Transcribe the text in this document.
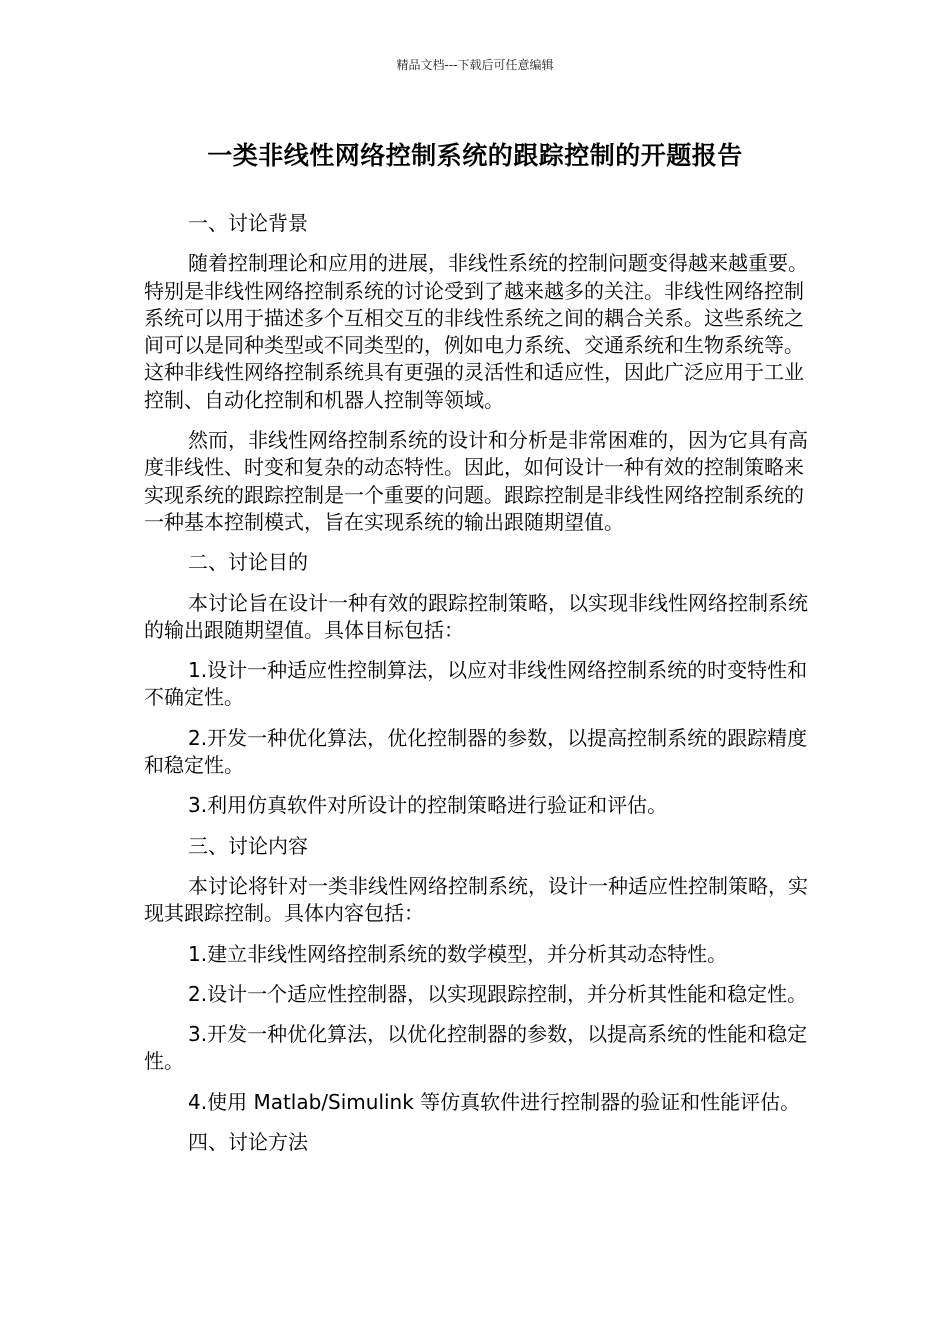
精品文档---下载后可任意编辑
一类非线性网络控制系统的跟踪控制的开题报告

一、讨论背景

随着控制理论和应用的进展，非线性系统的控制问题变得越来越重要。特别是非线性网络控制系统的讨论受到了越来越多的关注。非线性网络控制系统可以用于描述多个互相交互的非线性系统之间的耦合关系。这些系统之间可以是同种类型或不同类型的，例如电力系统、交通系统和生物系统等。这种非线性网络控制系统具有更强的灵活性和适应性，因此广泛应用于工业控制、自动化控制和机器人控制等领域。

然而，非线性网络控制系统的设计和分析是非常困难的，因为它具有高度非线性、时变和复杂的动态特性。因此，如何设计一种有效的控制策略来实现系统的跟踪控制是一个重要的问题。跟踪控制是非线性网络控制系统的一种基本控制模式，旨在实现系统的输出跟随期望值。

二、讨论目的

本讨论旨在设计一种有效的跟踪控制策略，以实现非线性网络控制系统的输出跟随期望值。具体目标包括：

1.设计一种适应性控制算法，以应对非线性网络控制系统的时变特性和不确定性。

2.开发一种优化算法，优化控制器的参数，以提高控制系统的跟踪精度和稳定性。

3.利用仿真软件对所设计的控制策略进行验证和评估。

三、讨论内容

本讨论将针对一类非线性网络控制系统，设计一种适应性控制策略，实现其跟踪控制。具体内容包括：

1.建立非线性网络控制系统的数学模型，并分析其动态特性。

2.设计一个适应性控制器，以实现跟踪控制，并分析其性能和稳定性。

3.开发一种优化算法，以优化控制器的参数，以提高系统的性能和稳定性。

4.使用 Matlab/Simulink 等仿真软件进行控制器的验证和性能评估。

四、讨论方法
